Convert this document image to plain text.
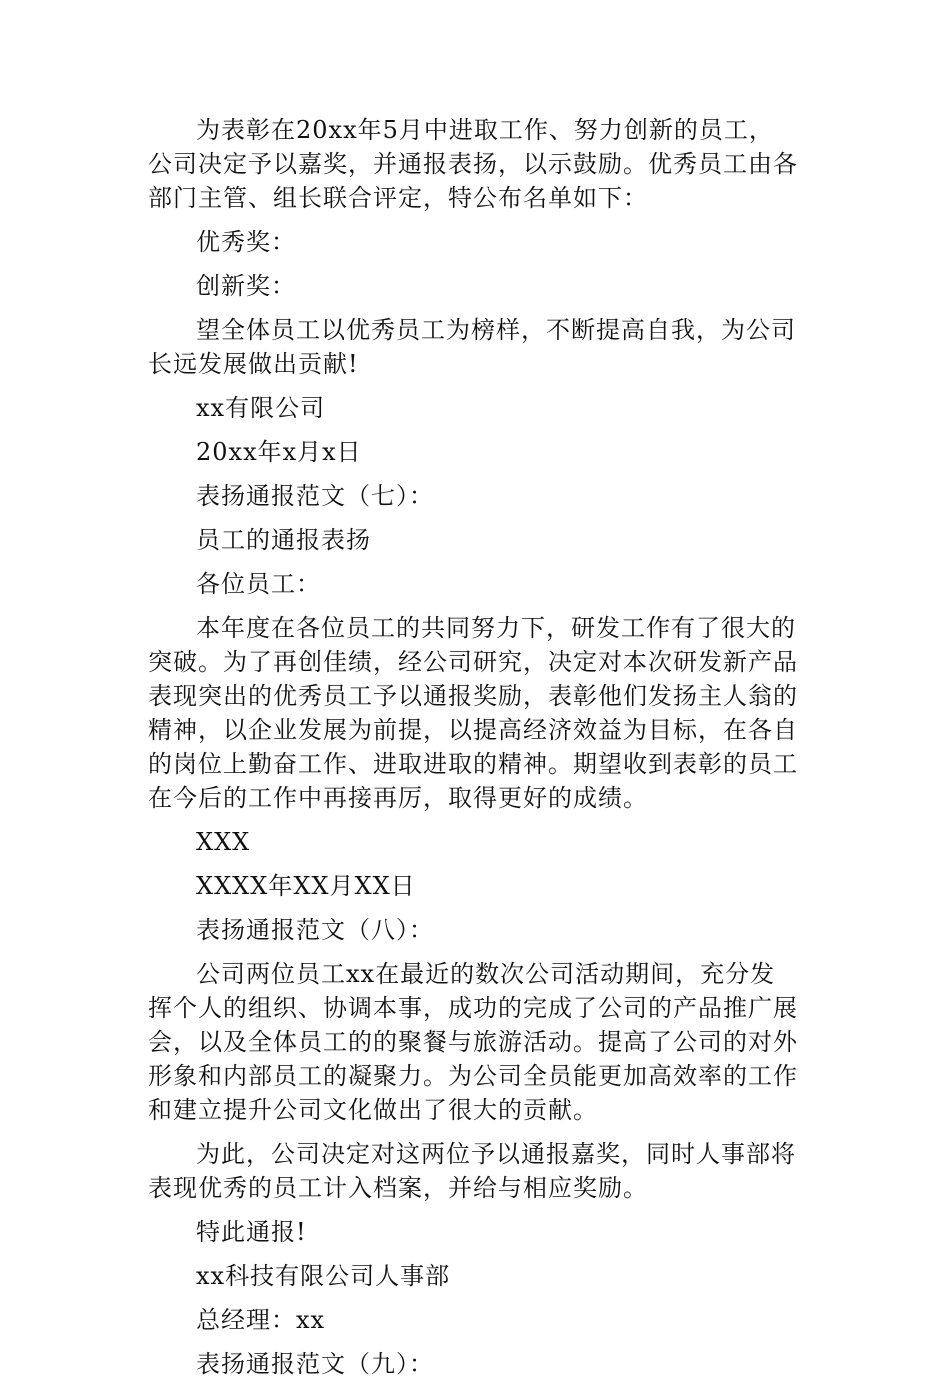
为表彰在20xx年5月中进取工作、努力创新的员工，公司决定予以嘉奖，并通报表扬，以示鼓励。优秀员工由各部门主管、组长联合评定，特公布名单如下：

优秀奖：

创新奖：

望全体员工以优秀员工为榜样，不断提高自我，为公司长远发展做出贡献!

xx有限公司

20xx年x月x日

表扬通报范文（七）：

员工的通报表扬

各位员工：

本年度在各位员工的共同努力下，研发工作有了很大的突破。为了再创佳绩，经公司研究，决定对本次研发新产品表现突出的优秀员工予以通报奖励，表彰他们发扬主人翁的精神，以企业发展为前提，以提高经济效益为目标，在各自的岗位上勤奋工作、进取进取的精神。期望收到表彰的员工在今后的工作中再接再厉，取得更好的成绩。

XXX

XXXX年XX月XX日

表扬通报范文（八）：

公司两位员工xx在最近的数次公司活动期间，充分发挥个人的组织、协调本事，成功的完成了公司的产品推广展会，以及全体员工的的聚餐与旅游活动。提高了公司的对外形象和内部员工的凝聚力。为公司全员能更加高效率的工作和建立提升公司文化做出了很大的贡献。

为此，公司决定对这两位予以通报嘉奖，同时人事部将表现优秀的员工计入档案，并给与相应奖励。

特此通报!

xx科技有限公司人事部

总经理：xx

表扬通报范文（九）：
